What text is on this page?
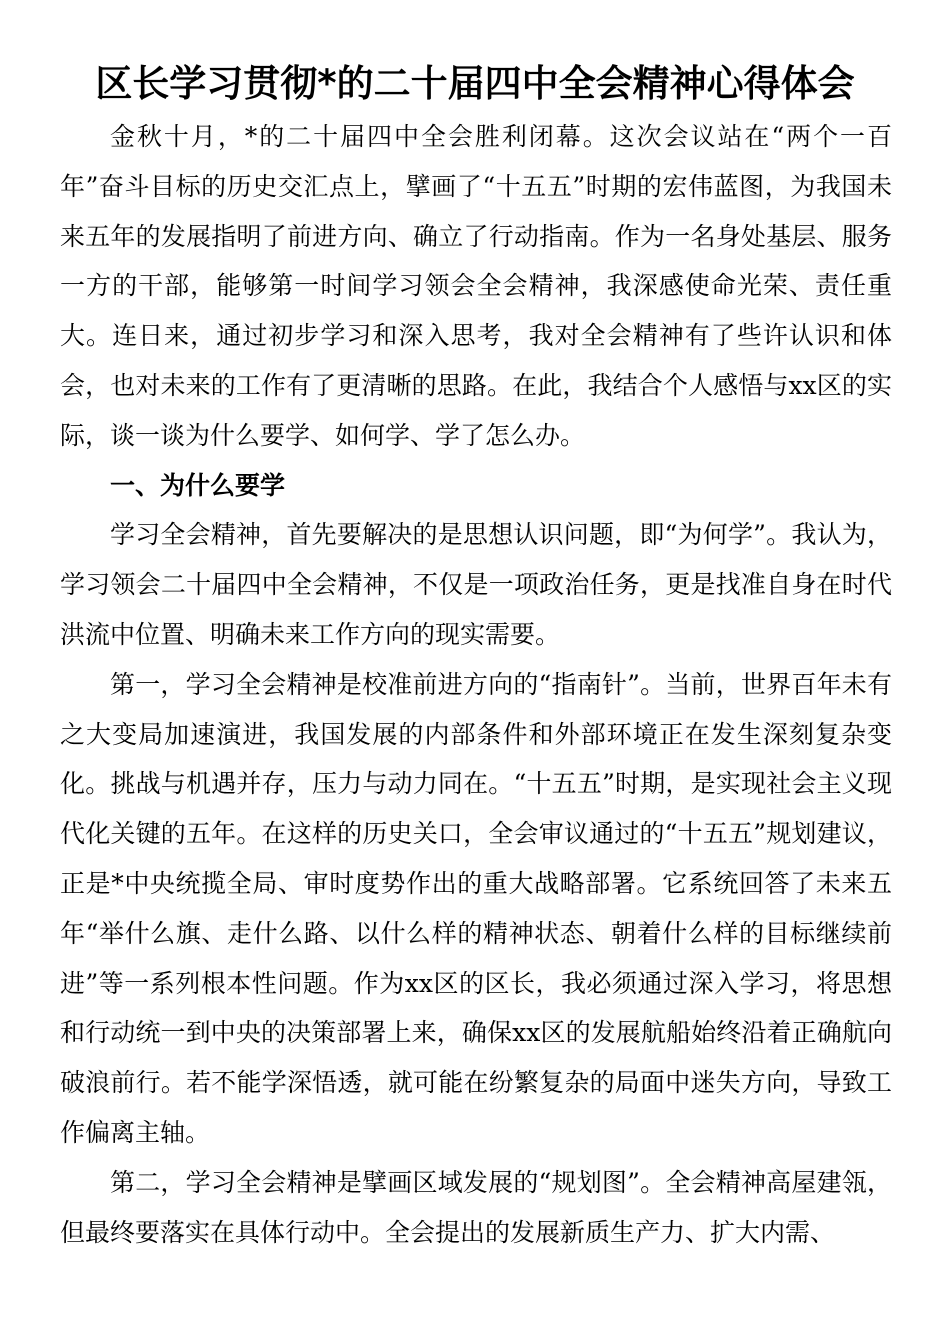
区长学习贯彻*的二十届四中全会精神心得体会

金秋十月，*的二十届四中全会胜利闭幕。这次会议站在“两个一百年”奋斗目标的历史交汇点上，擘画了“十五五”时期的宏伟蓝图，为我国未来五年的发展指明了前进方向、确立了行动指南。作为一名身处基层、服务一方的干部，能够第一时间学习领会全会精神，我深感使命光荣、责任重大。连日来，通过初步学习和深入思考，我对全会精神有了些许认识和体会，也对未来的工作有了更清晰的思路。在此，我结合个人感悟与xx区的实际，谈一谈为什么要学、如何学、学了怎么办。

一、为什么要学

学习全会精神，首先要解决的是思想认识问题，即“为何学”。我认为，学习领会二十届四中全会精神，不仅是一项政治任务，更是找准自身在时代洪流中位置、明确未来工作方向的现实需要。

第一，学习全会精神是校准前进方向的“指南针”。当前，世界百年未有之大变局加速演进，我国发展的内部条件和外部环境正在发生深刻复杂变化。挑战与机遇并存，压力与动力同在。“十五五”时期，是实现社会主义现代化关键的五年。在这样的历史关口，全会审议通过的“十五五”规划建议，正是*中央统揽全局、审时度势作出的重大战略部署。它系统回答了未来五年“举什么旗、走什么路、以什么样的精神状态、朝着什么样的目标继续前进”等一系列根本性问题。作为xx区的区长，我必须通过深入学习，将思想和行动统一到中央的决策部署上来，确保xx区的发展航船始终沿着正确航向破浪前行。若不能学深悟透，就可能在纷繁复杂的局面中迷失方向，导致工作偏离主轴。

第二，学习全会精神是擘画区域发展的“规划图”。全会精神高屋建瓴，但最终要落实在具体行动中。全会提出的发展新质生产力、扩大内需、
